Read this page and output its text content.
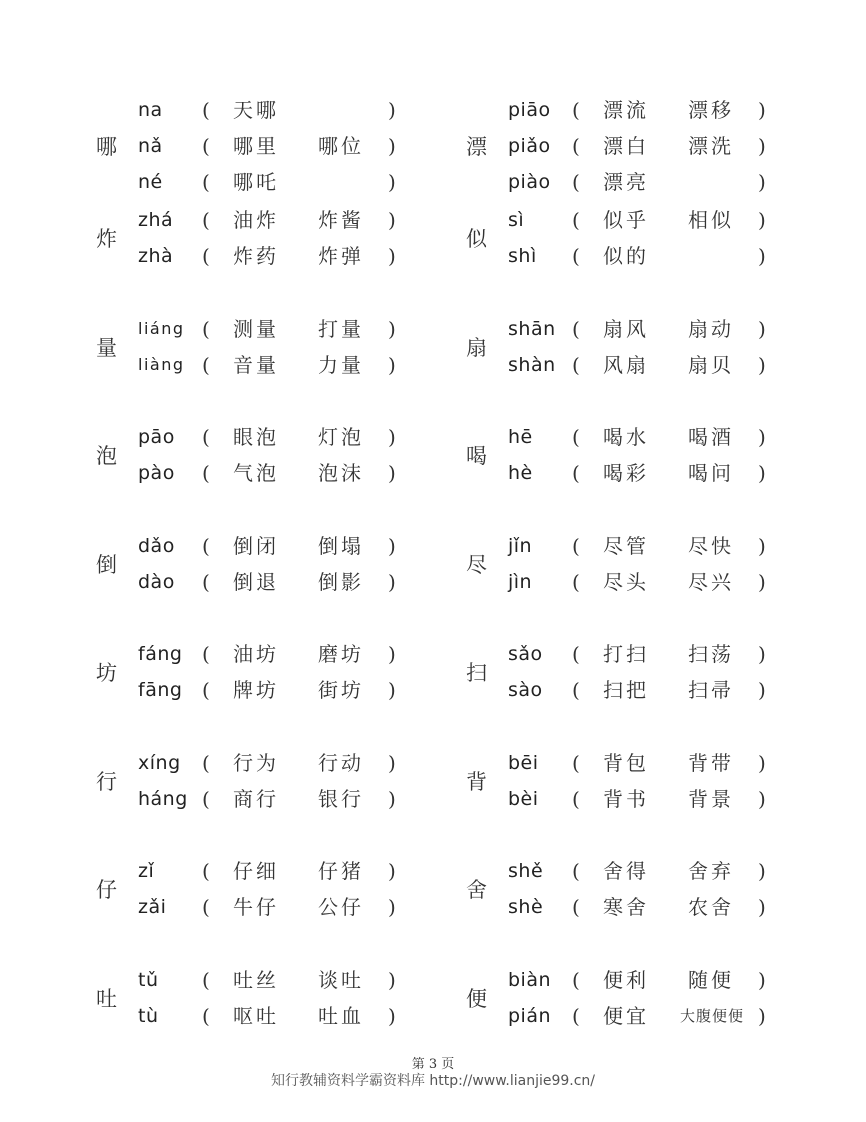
哪
na ( 天哪	)
nǎ ( 哪里 哪位 )
né ( 哪吒	)
炸
zhá ( 油炸 炸酱 )
zhà ( 炸药 炸弹 )
量
liáng ( 测量 打量 )
liàng ( 音量 力量 )
泡
pāo ( 眼泡 灯泡 )
pào ( 气泡 泡沫 )
倒
dǎo ( 倒闭 倒塌 )
dào ( 倒退 倒影 )
坊
fáng ( 油坊 磨坊 )
fāng ( 牌坊 街坊 )
行
xíng ( 行为 行动 )
háng ( 商行 银行 )
仔
zǐ ( 仔细 仔猪 )
zǎi ( 牛仔 公仔 )
吐
tǔ ( 吐丝 谈吐 )
tù ( 呕吐 吐血 )
漂
piāo ( 漂流 漂移 )
piǎo ( 漂白 漂洗 )
piào ( 漂亮	)
似
sì ( 似乎 相似 )
shì ( 似的	)
扇
shān ( 扇风 扇动 )
shàn ( 风扇 扇贝 )
喝
hē ( 喝水 喝酒 )
hè ( 喝彩 喝问 )
尽
jǐn ( 尽管 尽快 )
jìn ( 尽头 尽兴 )
扫
sǎo ( 打扫 扫荡 )
sào ( 扫把 扫帚 )
背
bēi ( 背包 背带 )
bèi ( 背书 背景 )
舍
shě ( 舍得 舍弃 )
shè ( 寒舍 农舍 )
便
biàn ( 便利 随便 )
pián ( 便宜 大腹便便 )
第 3 页
知行教辅资料学霸资料库 http://www.lianjie99.cn/
